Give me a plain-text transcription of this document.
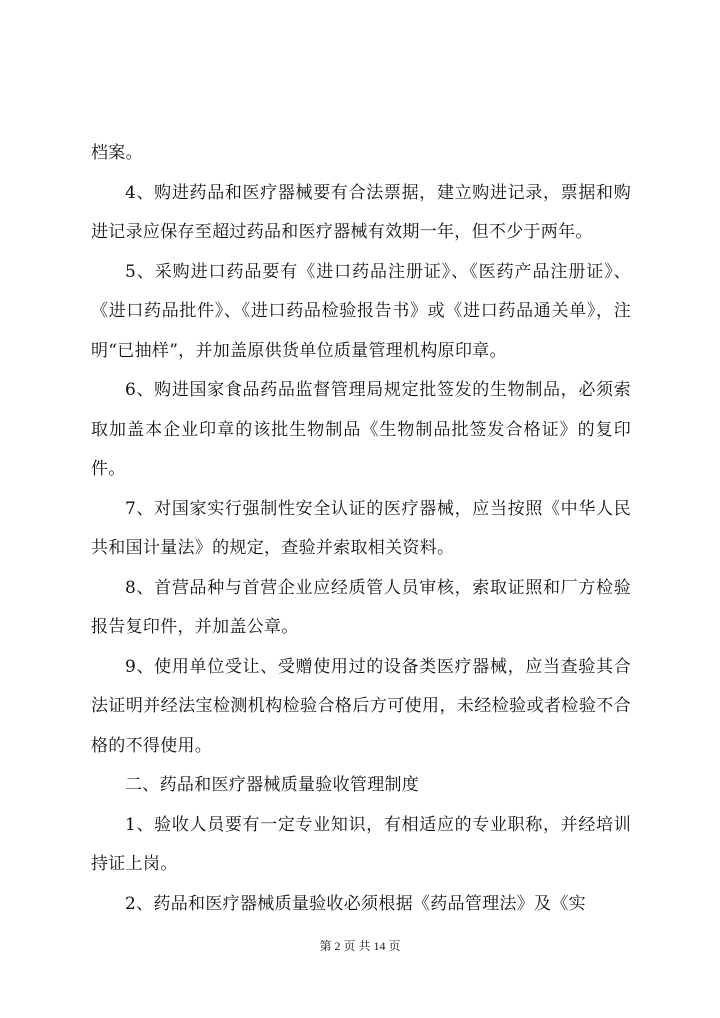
档案。

4、购进药品和医疗器械要有合法票据，建立购进记录，票据和购进记录应保存至超过药品和医疗器械有效期一年，但不少于两年。

5、采购进口药品要有《进口药品注册证》、《医药产品注册证》、《进口药品批件》、《进口药品检验报告书》或《进口药品通关单》，注明“已抽样”，并加盖原供货单位质量管理机构原印章。

6、购进国家食品药品监督管理局规定批签发的生物制品，必须索取加盖本企业印章的该批生物制品《生物制品批签发合格证》的复印件。

7、对国家实行强制性安全认证的医疗器械，应当按照《中华人民共和国计量法》的规定，查验并索取相关资料。

8、首营品种与首营企业应经质管人员审核，索取证照和厂方检验报告复印件，并加盖公章。

9、使用单位受让、受赠使用过的设备类医疗器械，应当查验其合法证明并经法宝检测机构检验合格后方可使用，未经检验或者检验不合格的不得使用。

二、药品和医疗器械质量验收管理制度

1、验收人员要有一定专业知识，有相适应的专业职称，并经培训持证上岗。

2、药品和医疗器械质量验收必须根据《药品管理法》及《实

第 2 页 共 14 页
